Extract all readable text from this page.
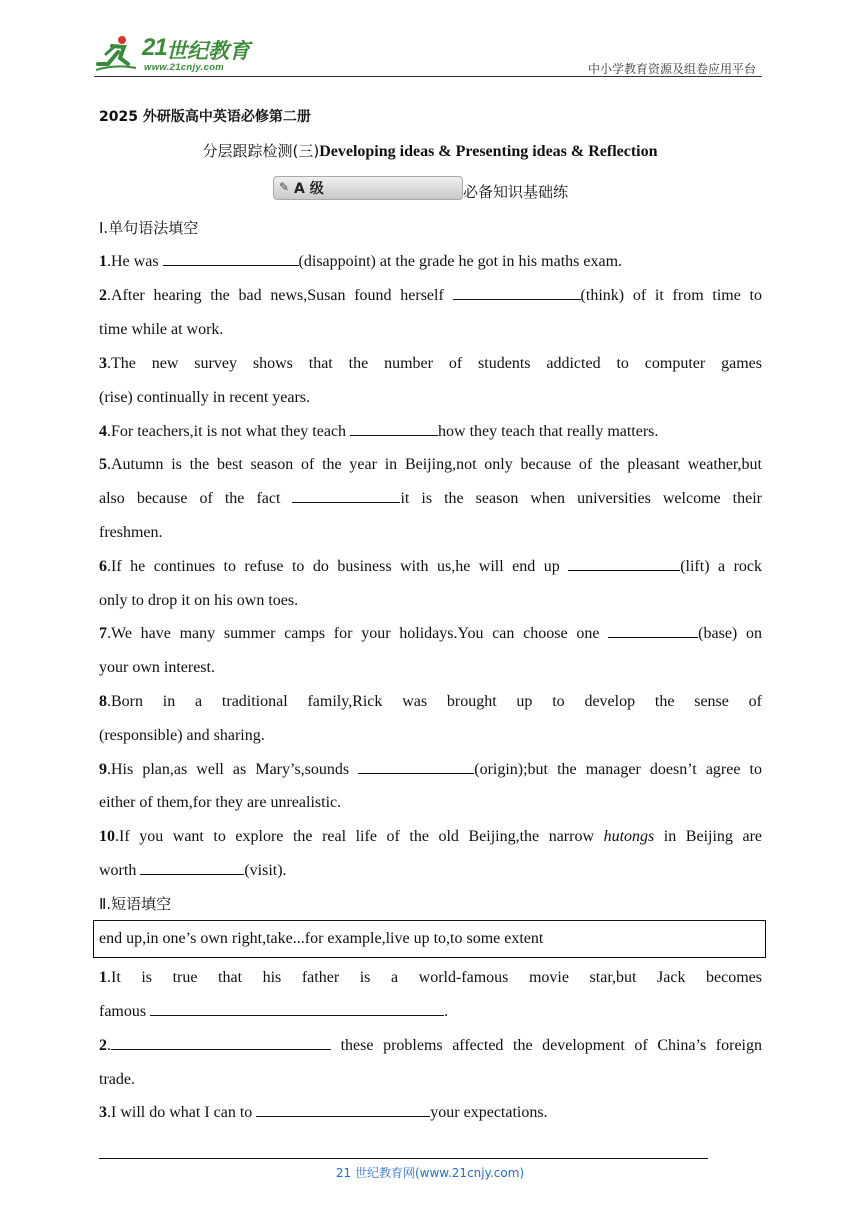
21 世纪教育
www.21cnjy.com	中小学教育资源及组卷应用平台
2025 外研版高中英语必修第二册
分层跟踪检测(三)Developing ideas & Presenting ideas & Reflection
✎ A 级	必备知识基础练
Ⅰ.单句语法填空
1.He was	(disappoint) at the grade he got in his maths exam.
2.After hearing the bad news,Susan found herself	(think) of it from time to
time while at work.
3.The new survey shows that the number of students addicted to computer games
(rise) continually in recent years.
4.For teachers,it is not what they teach	how they teach that really matters.
5.Autumn is the best season of the year in Beijing,not only because of the pleasant weather,but
also because of the fact	it is the season when universities welcome their
freshmen.
6.If he continues to refuse to do business with us,he will end up	(lift) a rock
only to drop it on his own toes.
7.We have many summer camps for your holidays.You can choose one	(base) on
your own interest.
8.Born in a traditional family,Rick was brought up to develop the sense of
(responsible) and sharing.
9.His plan,as well as Mary’s,sounds	(origin);but the manager doesn’t agree to
either of them,for they are unrealistic.
10.If you want to explore the real life of the old Beijing,the narrow hutongs in Beijing are
worth	(visit).
Ⅱ.短语填空
end up,in one’s own right,take...for example,live up to,to some extent
1.It is true that his father is a world-famous movie star,but Jack becomes
famous	.
2.	these problems affected the development of China’s foreign
trade.
3.I will do what I can to	your expectations.
21 世纪教育网(www.21cnjy.com)
